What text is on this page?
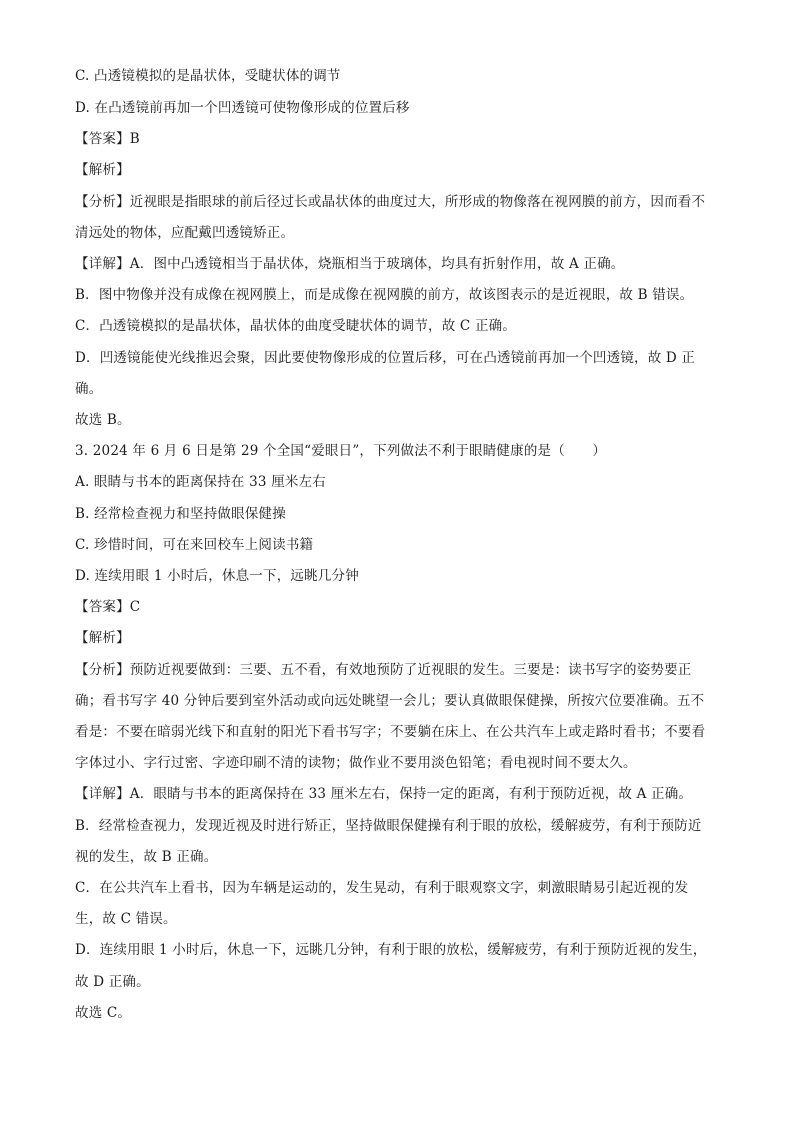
C. 凸透镜模拟的是晶状体，受睫状体的调节
D. 在凸透镜前再加一个凹透镜可使物像形成的位置后移
【答案】B
【解析】
【分析】近视眼是指眼球的前后径过长或晶状体的曲度过大，所形成的物像落在视网膜的前方，因而看不
清远处的物体，应配戴凹透镜矫正。
【详解】A．图中凸透镜相当于晶状体，烧瓶相当于玻璃体，均具有折射作用，故 A 正确。
B．图中物像并没有成像在视网膜上，而是成像在视网膜的前方，故该图表示的是近视眼，故 B 错误。
C．凸透镜模拟的是晶状体，晶状体的曲度受睫状体的调节，故 C 正确。
D．凹透镜能使光线推迟会聚，因此要使物像形成的位置后移，可在凸透镜前再加一个凹透镜，故 D 正
确。
故选 B。
3. 2024 年 6 月 6 日是第 29 个全国“爱眼日”，下列做法不利于眼睛健康的是（　　）
A. 眼睛与书本的距离保持在 33 厘米左右
B. 经常检查视力和坚持做眼保健操
C. 珍惜时间，可在来回校车上阅读书籍
D. 连续用眼 1 小时后，休息一下，远眺几分钟
【答案】C
【解析】
【分析】预防近视要做到：三要、五不看，有效地预防了近视眼的发生。三要是：读书写字的姿势要正
确；看书写字 40 分钟后要到室外活动或向远处眺望一会儿；要认真做眼保健操，所按穴位要准确。五不
看是：不要在暗弱光线下和直射的阳光下看书写字；不要躺在床上、在公共汽车上或走路时看书；不要看
字体过小、字行过密、字迹印刷不清的读物；做作业不要用淡色铅笔；看电视时间不要太久。
【详解】A．眼睛与书本的距离保持在 33 厘米左右，保持一定的距离，有利于预防近视，故 A 正确。
B．经常检查视力，发现近视及时进行矫正，坚持做眼保健操有利于眼的放松，缓解疲劳，有利于预防近
视的发生，故 B 正确。
C．在公共汽车上看书，因为车辆是运动的，发生晃动，有利于眼观察文字，刺激眼睛易引起近视的发
生，故 C 错误。
D．连续用眼 1 小时后，休息一下，远眺几分钟，有利于眼的放松，缓解疲劳，有利于预防近视的发生，
故 D 正确。
故选 C。
